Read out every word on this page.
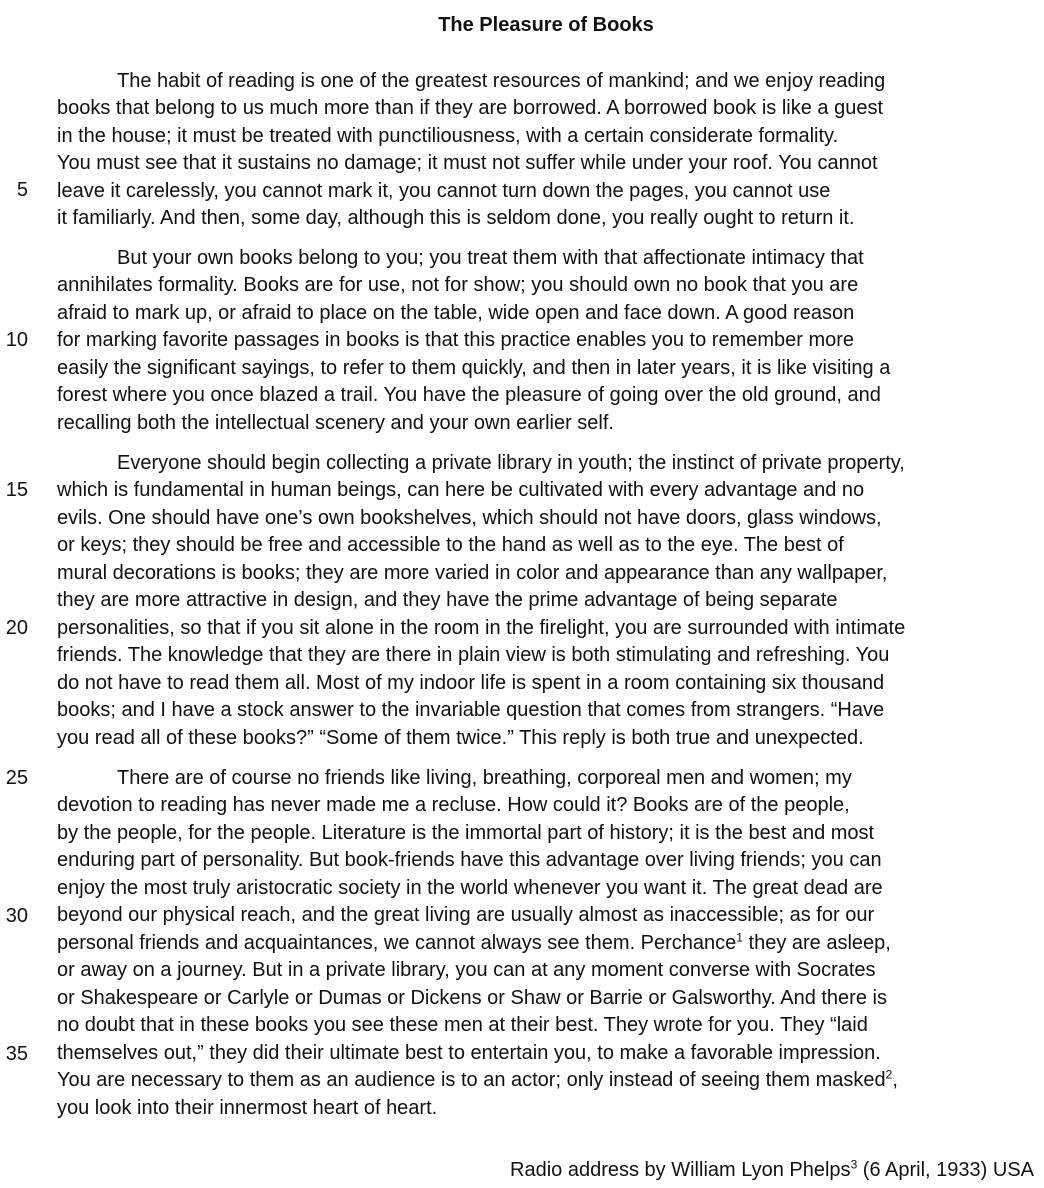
The Pleasure of Books
5
10
15
20
25
30
35
The habit of reading is one of the greatest resources of mankind; and we enjoy reading
books that belong to us much more than if they are borrowed. A borrowed book is like a guest
in the house; it must be treated with punctiliousness, with a certain considerate formality.
You must see that it sustains no damage; it must not suffer while under your roof. You cannot
leave it carelessly, you cannot mark it, you cannot turn down the pages, you cannot use
it familiarly. And then, some day, although this is seldom done, you really ought to return it.
But your own books belong to you; you treat them with that affectionate intimacy that
annihilates formality. Books are for use, not for show; you should own no book that you are
afraid to mark up, or afraid to place on the table, wide open and face down. A good reason
for marking favorite passages in books is that this practice enables you to remember more
easily the significant sayings, to refer to them quickly, and then in later years, it is like visiting a
forest where you once blazed a trail. You have the pleasure of going over the old ground, and
recalling both the intellectual scenery and your own earlier self.
Everyone should begin collecting a private library in youth; the instinct of private property,
which is fundamental in human beings, can here be cultivated with every advantage and no
evils. One should have one’s own bookshelves, which should not have doors, glass windows,
or keys; they should be free and accessible to the hand as well as to the eye. The best of
mural decorations is books; they are more varied in color and appearance than any wallpaper,
they are more attractive in design, and they have the prime advantage of being separate
personalities, so that if you sit alone in the room in the firelight, you are surrounded with intimate
friends. The knowledge that they are there in plain view is both stimulating and refreshing. You
do not have to read them all. Most of my indoor life is spent in a room containing six thousand
books; and I have a stock answer to the invariable question that comes from strangers. “Have
you read all of these books?” “Some of them twice.” This reply is both true and unexpected.
There are of course no friends like living, breathing, corporeal men and women; my
devotion to reading has never made me a recluse. How could it? Books are of the people,
by the people, for the people. Literature is the immortal part of history; it is the best and most
enduring part of personality. But book-friends have this advantage over living friends; you can
enjoy the most truly aristocratic society in the world whenever you want it. The great dead are
beyond our physical reach, and the great living are usually almost as inaccessible; as for our
personal friends and acquaintances, we cannot always see them. Perchance$^1$ they are asleep,
or away on a journey. But in a private library, you can at any moment converse with Socrates
or Shakespeare or Carlyle or Dumas or Dickens or Shaw or Barrie or Galsworthy. And there is
no doubt that in these books you see these men at their best. They wrote for you. They “laid
themselves out,” they did their ultimate best to entertain you, to make a favorable impression.
You are necessary to them as an audience is to an actor; only instead of seeing them masked$^2$,
you look into their innermost heart of heart.
Radio address by William Lyon Phelps$^3$ (6 April, 1933) USA
